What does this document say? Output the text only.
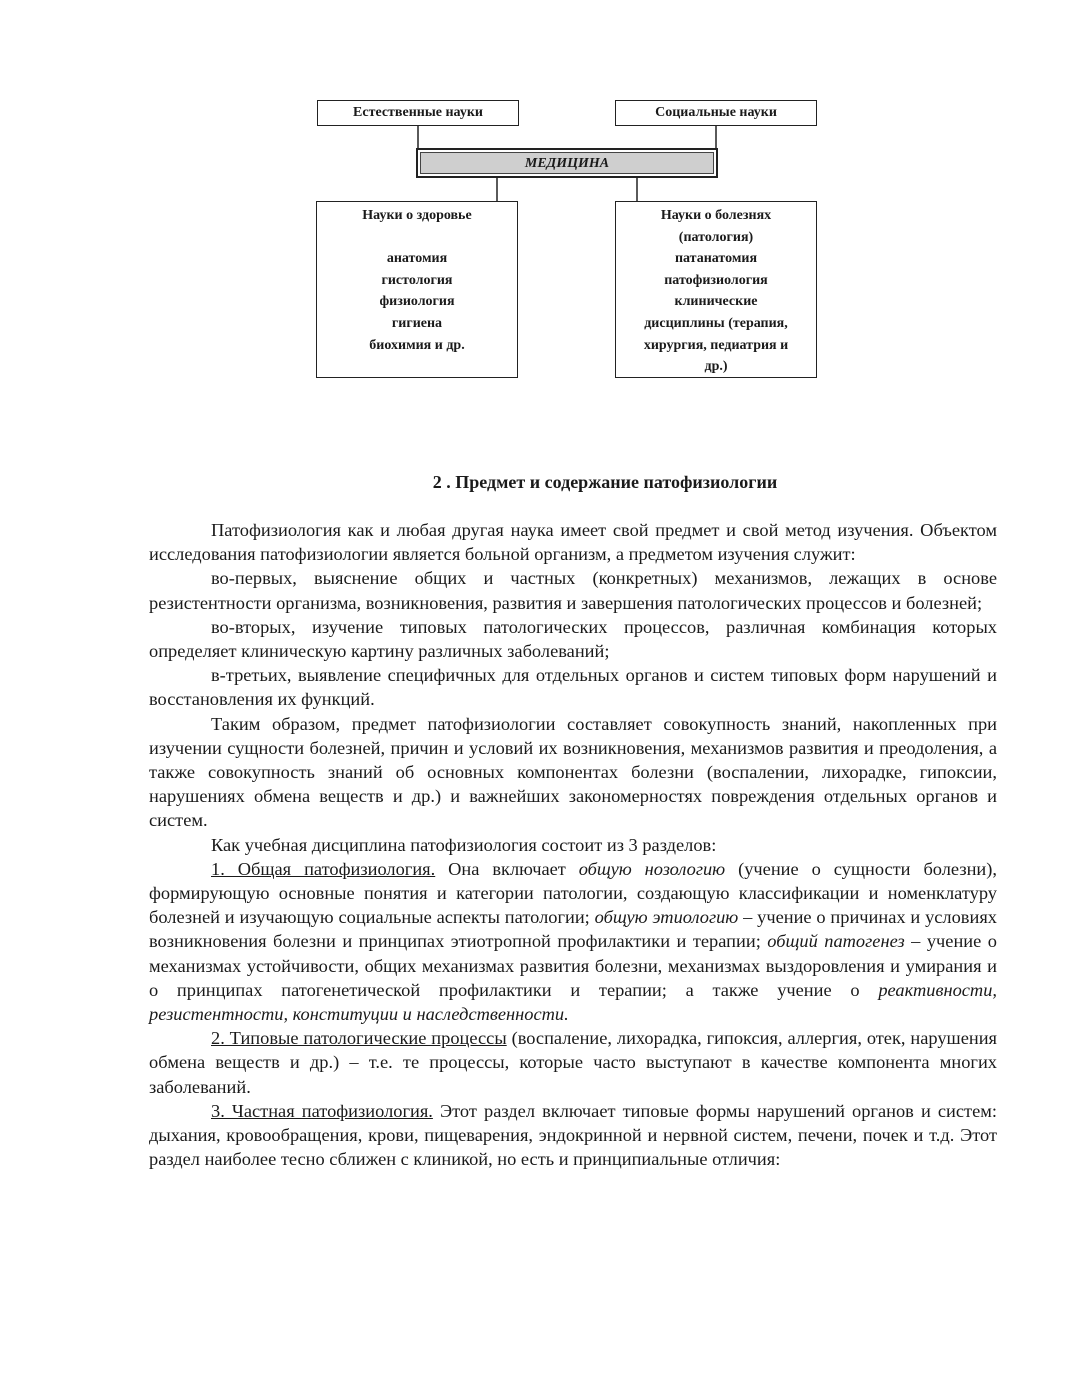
Естественные науки	Социальные науки
МЕДИЦИНА
Науки о здоровье
анатомия
гистология
физиология
гигиена
биохимия и др.
Науки о болезнях
(патология)
патанатомия
патофизиология
клинические
дисциплины (терапия,
хирургия, педиатрия и
др.)
2 . Предмет и содержание патофизиологии

Патофизиология как и любая другая наука имеет свой предмет и свой метод изучения. Объектом исследования патофизиологии является больной организм, а предметом изучения служит:

во-первых, выяснение общих и частных (конкретных) механизмов, лежащих в основе резистентности организма, возникновения, развития и завершения патологических процессов и болезней;

во-вторых, изучение типовых патологических процессов, различная комбинация которых определяет клиническую картину различных заболеваний;

в-третьих, выявление специфичных для отдельных органов и систем типовых форм нарушений и восстановления их функций.

Таким образом, предмет патофизиологии составляет совокупность знаний, накопленных при изучении сущности болезней, причин и условий их возникновения, механизмов развития и преодоления, а также совокупность знаний об основных компонентах болезни (воспалении, лихорадке, гипоксии, нарушениях обмена веществ и др.) и важнейших закономерностях повреждения отдельных органов и систем.

Как учебная дисциплина патофизиология состоит из 3 разделов:

1. Общая патофизиология. Она включает общую нозологию (учение о сущности болезни), формирующую основные понятия и категории патологии, создающую классификации и номенклатуру болезней и изучающую социальные аспекты патологии; общую этиологию – учение о причинах и условиях возникновения болезни и принципах этиотропной профилактики и терапии; общий патогенез – учение о механизмах устойчивости, общих механизмах развития болезни, механизмах выздоровления и умирания и о принципах патогенетической профилактики и терапии; а также учение о реактивности, резистентности, конституции и наследственности.

2. Типовые патологические процессы (воспаление, лихорадка, гипоксия, аллергия, отек, нарушения обмена веществ и др.) – т.е. те процессы, которые часто выступают в качестве компонента многих заболеваний.

3. Частная патофизиология. Этот раздел включает типовые формы нарушений органов и систем: дыхания, кровообращения, крови, пищеварения, эндокринной и нервной систем, печени, почек и т.д. Этот раздел наиболее тесно сближен с клиникой, но есть и принципиальные отличия:
